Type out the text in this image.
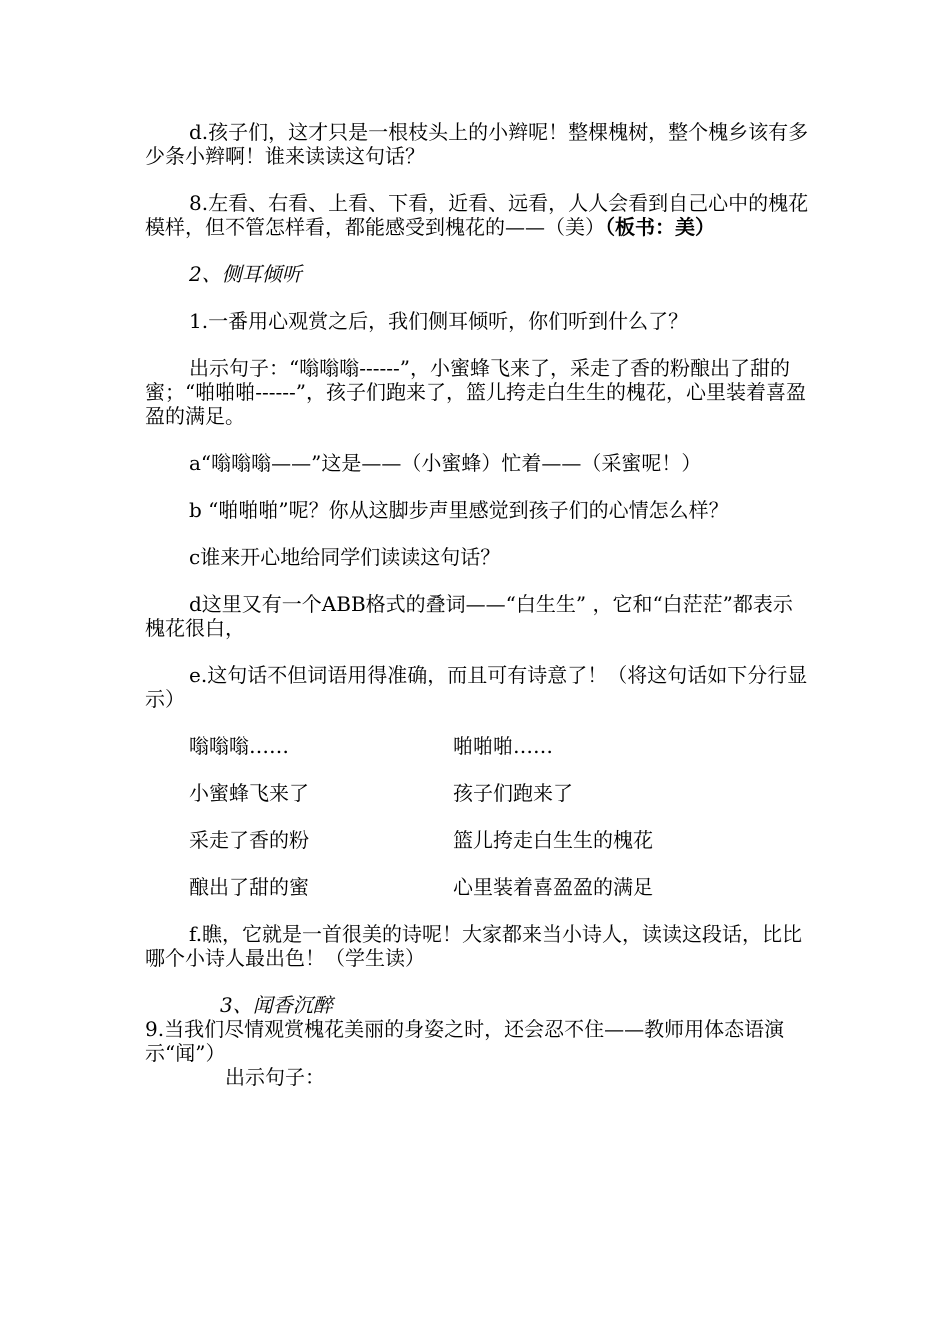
d.孩子们，这才只是一根枝头上的小辫呢！整棵槐树，整个槐乡该有多少条小辫啊！谁来读读这句话？

8.左看、右看、上看、下看，近看、远看，人人会看到自己心中的槐花模样，但不管怎样看，都能感受到槐花的——（美）（板书：美）

2、侧耳倾听

1.一番用心观赏之后，我们侧耳倾听，你们听到什么了？

出示句子：“嗡嗡嗡------”，小蜜蜂飞来了，采走了香的粉酿出了甜的蜜；“啪啪啪------”，孩子们跑来了，篮儿挎走白生生的槐花，心里装着喜盈盈的满足。

a“嗡嗡嗡——”这是——（小蜜蜂）忙着——（采蜜呢！）

b “啪啪啪”呢？你从这脚步声里感觉到孩子们的心情怎么样？

c谁来开心地给同学们读读这句话？

d这里又有一个ABB格式的叠词——“白生生” ，它和“白茫茫”都表示槐花很白，

e.这句话不但词语用得准确，而且可有诗意了！（将这句话如下分行显示）

嗡嗡嗡……	啪啪啪……
小蜜蜂飞来了	孩子们跑来了
采走了香的粉	篮儿挎走白生生的槐花
酿出了甜的蜜	心里装着喜盈盈的满足

f.瞧，它就是一首很美的诗呢！大家都来当小诗人，读读这段话，比比哪个小诗人最出色！（学生读）

3、闻香沉醉

9.当我们尽情观赏槐花美丽的身姿之时，还会忍不住——教师用体态语演示“闻”）

出示句子：
